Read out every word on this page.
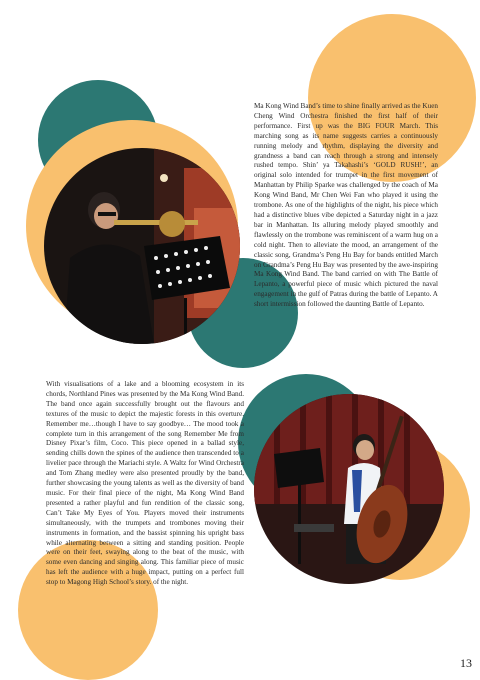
Ma Kong Wind Band’s time to shine finally arrived as the Kuen Cheng Wind Orchestra finished the first half of their performance. First up was the BIG FOUR March. This marching song as its name suggests carries a continuously running melody and rhythm, displaying the diversity and grandness a band can reach through a strong and intensely rushed tempo. Shin’ ya Takahashi’s ‘GOLD RUSH!’, an original solo intended for trumpet in the first movement of Manhattan by Philip Sparke was challenged by the coach of Ma Kong Wind Band, Mr Chen Wei Fan who played it using the trombone. As one of the highlights of the night, his piece which had a distinctive blues vibe depicted a Saturday night in a jazz bar in Manhattan. Its alluring melody played smoothly and flawlessly on the trombone was reminiscent of a warm hug on a cold night. Then to alleviate the mood, an arrangement of the classic song, Grandma’s Peng Hu Bay for bands entitled March on Grandma’s Peng Hu Bay was presented by the awe-inspiring Ma Kong Wind Band. The band carried on with The Battle of Lepanto, a powerful piece of music which pictured the naval engagement in the gulf of Patras during the battle of Lepanto. A short intermission followed the daunting Battle of Lepanto.

With visualisations of a lake and a blooming ecosystem in its chords, Northland Pines was presented by the Ma Kong Wind Band. The band once again successfully brought out the flavours and textures of the music to depict the majestic forests in this overture. Remember me…though I have to say goodbye… The mood took a complete turn in this arrangement of the song Remember Me from Disney Pixar’s film, Coco. This piece opened in a ballad style, sending chills down the spines of the audience then transcended to a livelier pace through the Mariachi style. A Waltz for Wind Orchestra and Tom Zhang medley were also presented proudly by the band, further showcasing the young talents as well as the diversity of band music. For their final piece of the night, Ma Kong Wind Band presented a rather playful and fun rendition of the classic song, Can’t Take My Eyes of You. Players moved their instruments simultaneously, with the trumpets and trombones moving their instruments in formation, and the bassist spinning his upright bass while alternating between a sitting and standing position. People were on their feet, swaying along to the beat of the music, with some even dancing and singing along. This familiar piece of music has left the audience with a huge impact, putting on a perfect full stop to Magong High School’s story. of the night.

13
